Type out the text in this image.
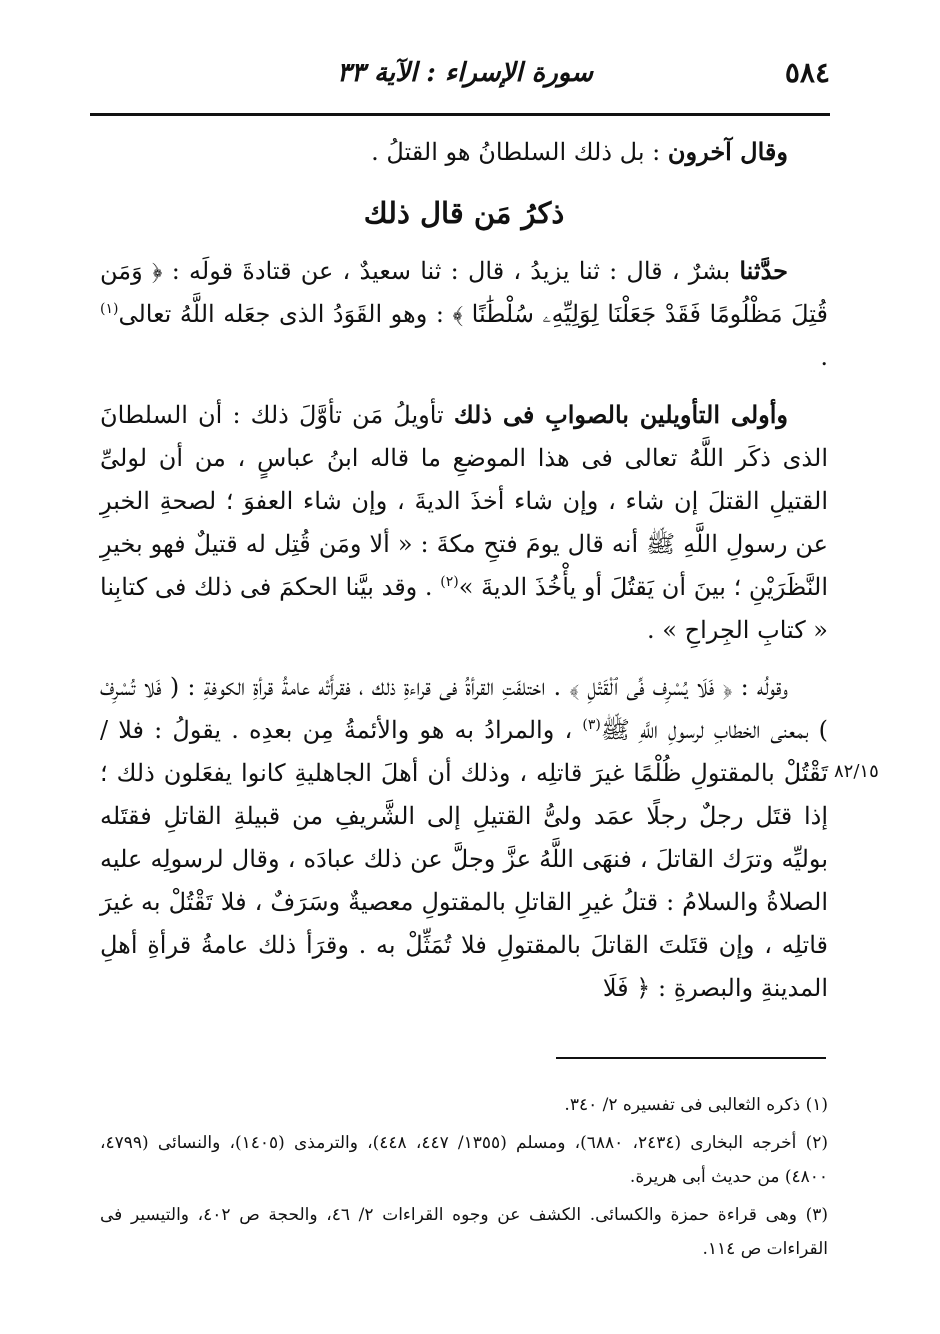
٥٨٤
سورة الإسراء : الآية ٣٣

وقال آخرون : بل ذلك السلطانُ هو القتلُ .

ذكرُ مَن قال ذلك

حدَّثنا بشرٌ ، قال : ثنا يزيدُ ، قال : ثنا سعيدٌ ، عن قتادةَ قولَه : ﴿ وَمَن قُتِلَ مَظْلُومًا فَقَدْ جَعَلْنَا لِوَلِيِّهِۦ سُلْطَٰنًا ﴾ : وهو القَوَدُ الذى جعَله اللَّهُ تعالى$^{(١)}$ .

وأولى التأويلين بالصوابِ فى ذلك تأويلُ مَن تأوَّلَ ذلك : أن السلطانَ الذى ذكَر اللَّهُ تعالى فى هذا الموضعِ ما قاله ابنُ عباسٍ ، من أن لولىِّ القتيلِ القتلَ إن شاء ، وإن شاء أخذَ الديةَ ، وإن شاء العفوَ ؛ لصحةِ الخبرِ عن رسولِ اللَّهِ ﷺ أنه قال يومَ فتحِ مكةَ : « ألا ومَن قُتِل له قتيلٌ فهو بخيرِ النَّظَرَيْنِ ؛ بينَ أن يَقتُلَ أو يأْخُذَ الديةَ »$^{(٢)}$ . وقد بيَّنا الحكمَ فى ذلك فى كتابِنا « كتابِ الجِراحِ » .

وقولُه : ﴿ فَلَا يُسْرِف فِّى ٱلْقَتْلِ ﴾ . اختلفَتِ القرأةُ فى قراءةِ ذلك ، فقرأَتْه عامةُ قرأةِ الكوفةِ : ( فَلا تُسْرِفْ ) بمعنى الخطابِ لرسولِ اللَّهِ ﷺ$^{(٣)}$ ، والمرادُ به هو والأئمةُ مِن بعدِه . يقولُ : فلا / تَقْتُلْ بالمقتولِ ظُلْمًا غيرَ قاتلِه ، وذلك أن أهلَ الجاهليةِ كانوا يفعَلون ذلك ؛ إذا قتَل رجلٌ رجلًا عمَد ولىُّ القتيلِ إلى الشَّريفِ من قبيلةِ القاتلِ فقتَله بوليِّه وترَك القاتلَ ، فنهَى اللَّهُ عزَّ وجلَّ عن ذلك عبادَه ، وقال لرسولِه عليه الصلاةُ والسلامُ : قتلُ غيرِ القاتلِ بالمقتولِ معصيةٌ وسَرَفٌ ، فلا تَقْتُلْ به غيرَ قاتلِه ، وإن قتَلتَ القاتلَ بالمقتولِ فلا تُمَثِّلْ به . وقرَأ ذلك عامةُ قرأةِ أهلِ المدينةِ والبصرةِ : ﴿ فَلَا

٨٢/١٥

(١) ذكره الثعالبى فى تفسيره ٢/ ٣٤٠.

(٢) أخرجه البخارى (٢٤٣٤، ٦٨٨٠)، ومسلم (١٣٥٥/ ٤٤٧، ٤٤٨)، والترمذى (١٤٠٥)، والنسائى (٤٧٩٩، ٤٨٠٠) من حديث أبى هريرة.

(٣) وهى قراءة حمزة والكسائى. الكشف عن وجوه القراءات ٢/ ٤٦، والحجة ص ٤٠٢، والتيسير فى القراءات ص ١١٤.
